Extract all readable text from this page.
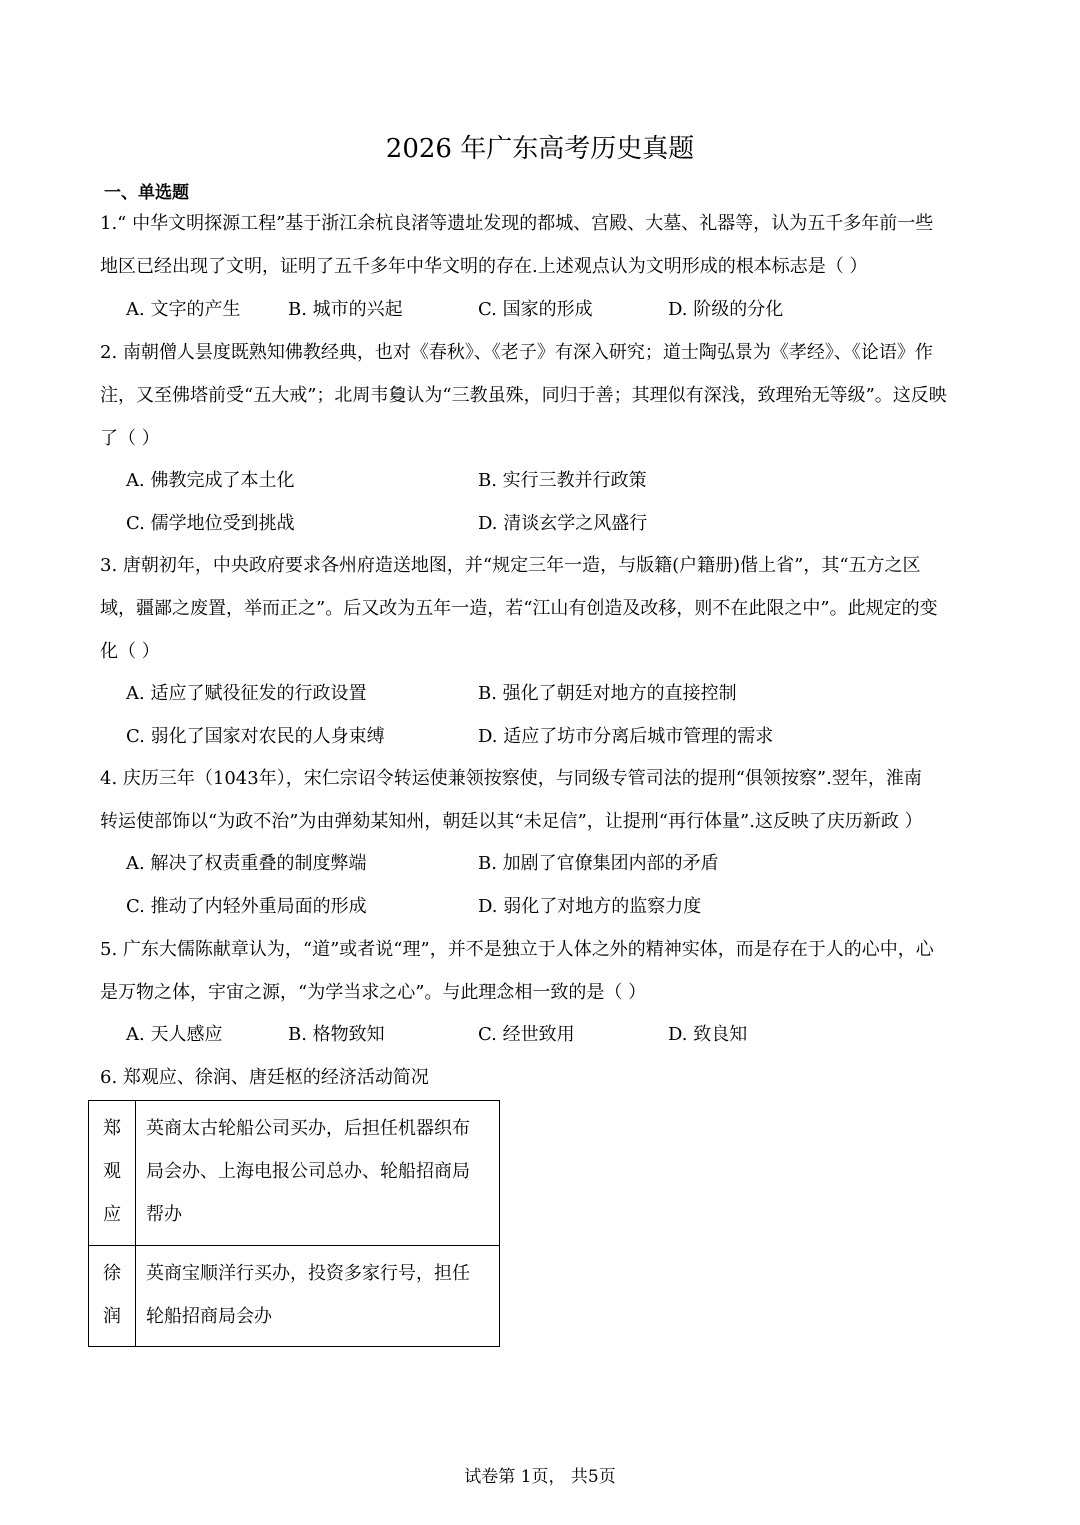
2026 年广东高考历史真题
一、单选题
1.“ 中华文明探源工程”基于浙江余杭良渚等遗址发现的都城、宫殿、大墓、礼器等，认为五千多年前一些
地区已经出现了文明，证明了五千多年中华文明的存在.上述观点认为文明形成的根本标志是（ ）
A. 文字的产生	B. 城市的兴起	C. 国家的形成	D. 阶级的分化
2. 南朝僧人昙度既熟知佛教经典，也对《春秋》、《老子》有深入研究；道士陶弘景为《孝经》、《论语》作
注，又至佛塔前受“五大戒”；北周韦敻认为“三教虽殊，同归于善；其理似有深浅，致理殆无等级”。这反映
了（ ）
A. 佛教完成了本土化	B. 实行三教并行政策
C. 儒学地位受到挑战	D. 清谈玄学之风盛行
3. 唐朝初年，中央政府要求各州府造送地图，并“规定三年一造，与版籍(户籍册)偕上省”，其“五方之区
域，疆鄙之废置，举而正之”。后又改为五年一造，若“江山有创造及改移，则不在此限之中”。此规定的变
化（ ）
A. 适应了赋役征发的行政设置	B. 强化了朝廷对地方的直接控制
C. 弱化了国家对农民的人身束缚	D. 适应了坊市分离后城市管理的需求
4. 庆历三年（1043年），宋仁宗诏令转运使兼领按察使，与同级专管司法的提刑“俱领按察”.翌年，淮南
转运使部饰以“为政不治”为由弹劾某知州，朝廷以其“未足信”，让提刑“再行体量”.这反映了庆历新政 ）
A. 解决了权责重叠的制度弊端	B. 加剧了官僚集团内部的矛盾
C. 推动了内轻外重局面的形成	D. 弱化了对地方的监察力度
5. 广东大儒陈献章认为，“道”或者说“理”，并不是独立于人体之外的精神实体，而是存在于人的心中，心
是万物之体，宇宙之源，“为学当求之心”。与此理念相一致的是（ ）
A. 天人感应	B. 格物致知	C. 经世致用	D. 致良知
6. 郑观应、徐润、唐廷枢的经济活动简况
郑
观
应	英商太古轮船公司买办，后担任机器织布
局会办、上海电报公司总办、轮船招商局
帮办

徐
润	英商宝顺洋行买办，投资多家行号，担任
轮船招商局会办
试卷第 1页， 共5页
